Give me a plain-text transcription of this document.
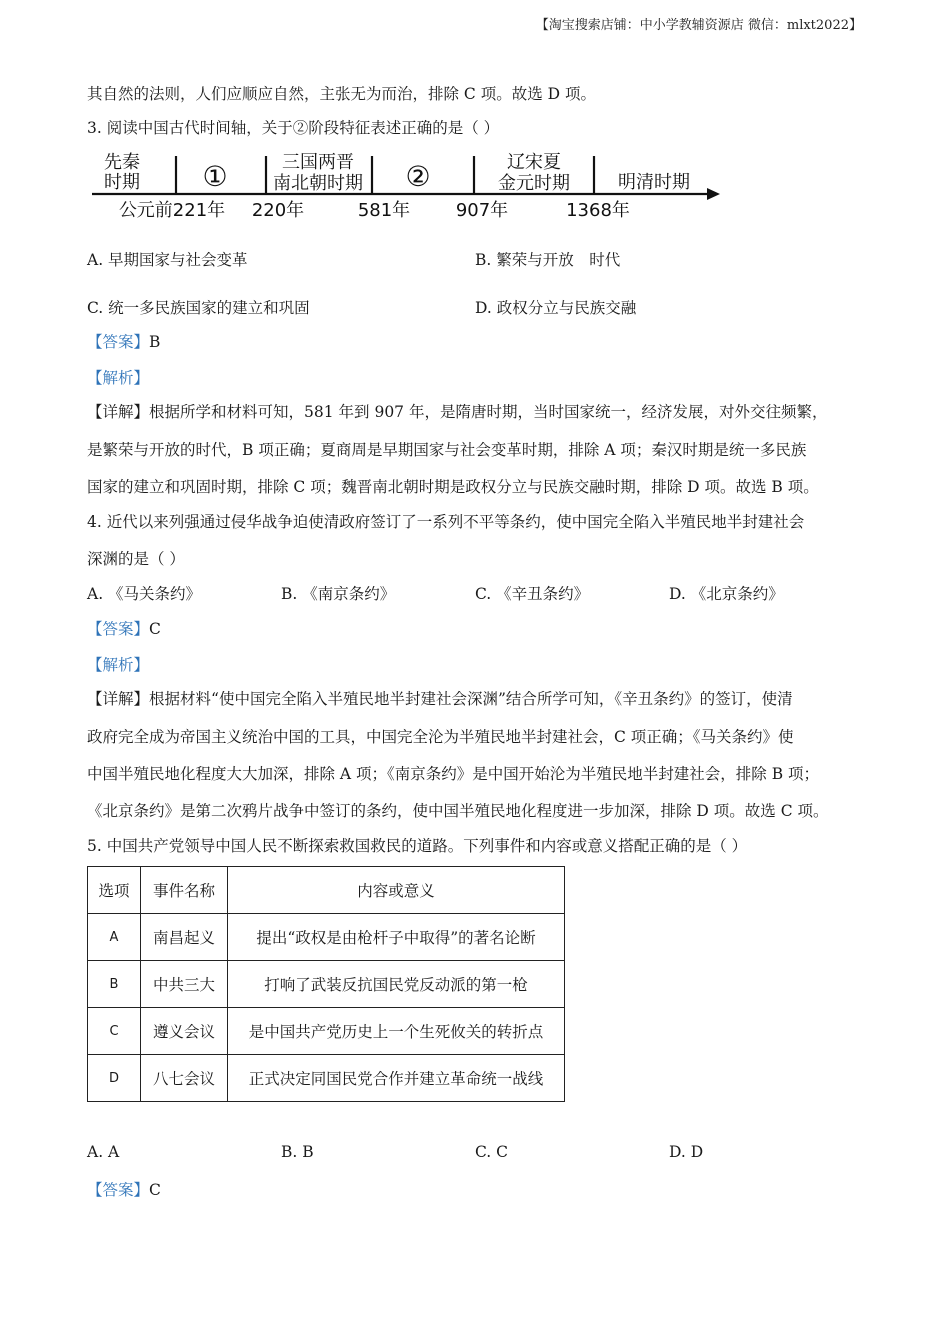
【淘宝搜索店铺：中小学教辅资源店 微信：mlxt2022】
其自然的法则，人们应顺应自然，主张无为而治，排除 C 项。故选 D 项。
3. 阅读中国古代时间轴，关于②阶段特征表述正确的是（ ）
先秦
时期 ①	三国两晋
南北朝时期 ②	辽宋夏
金元时期	明清时期
公元前221年 220年	581年	907年	1368年
A. 早期国家与社会变革	B. 繁荣与开放　时代
C. 统一多民族国家的建立和巩固	D. 政权分立与民族交融
【答案】B
【解析】
【详解】根据所学和材料可知，581 年到 907 年，是隋唐时期，当时国家统一，经济发展，对外交往频繁，
是繁荣与开放的时代，B 项正确；夏商周是早期国家与社会变革时期，排除 A 项；秦汉时期是统一多民族
国家的建立和巩固时期，排除 C 项；魏晋南北朝时期是政权分立与民族交融时期，排除 D 项。故选 B 项。
4. 近代以来列强通过侵华战争迫使清政府签订了一系列不平等条约，使中国完全陷入半殖民地半封建社会
深渊的是（ ）
A. 《马关条约》	B. 《南京条约》	C. 《辛丑条约》	D. 《北京条约》
【答案】C
【解析】
【详解】根据材料“使中国完全陷入半殖民地半封建社会深渊”结合所学可知，《辛丑条约》的签订，使清
政府完全成为帝国主义统治中国的工具，中国完全沦为半殖民地半封建社会，C 项正确；《马关条约》使
中国半殖民地化程度大大加深，排除 A 项；《南京条约》是中国开始沦为半殖民地半封建社会，排除 B 项；
《北京条约》是第二次鸦片战争中签订的条约，使中国半殖民地化程度进一步加深，排除 D 项。故选 C 项。
5. 中国共产党领导中国人民不断探索救国救民的道路。下列事件和内容或意义搭配正确的是（ ）
选项	事件名称	内容或意义
A	南昌起义	提出“政权是由枪杆子中取得”的著名论断
B	中共三大	打响了武装反抗国民党反动派的第一枪
C	遵义会议	是中国共产党历史上一个生死攸关的转折点
D	八七会议	正式决定同国民党合作并建立革命统一战线
A. A	B. B	C. C	D. D
【答案】C
